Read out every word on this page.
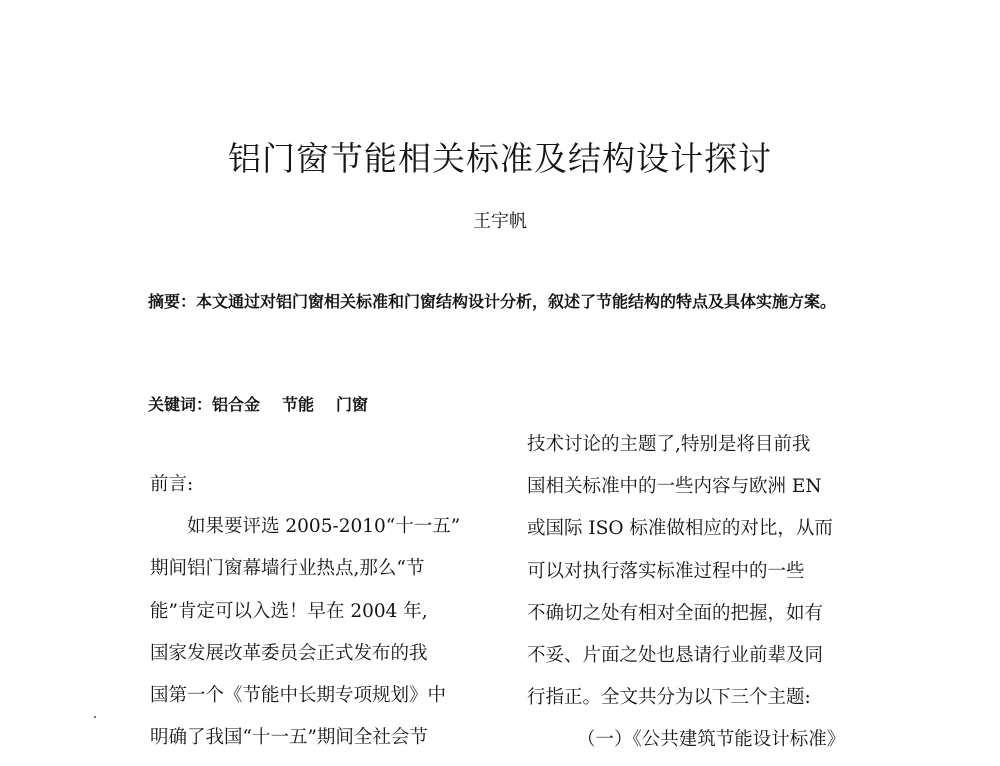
铝门窗节能相关标准及结构设计探讨
王宇帆
摘要：本文通过对铝门窗相关标准和门窗结构设计分析，叙述了节能结构的特点及具体实施方案。
关键词：铝合金 节能 门窗
前言:
如果要评选 2005-2010“十一五”
期间铝门窗幕墙行业热点,那么“节
能”肯定可以入选！早在 2004 年,
国家发展改革委员会正式发布的我
国第一个《节能中长期专项规划》中
明确了我国“十一五”期间全社会节
技术讨论的主题了,特别是将目前我
国相关标准中的一些内容与欧洲 EN
或国际 ISO 标准做相应的对比，从而
可以对执行落实标准过程中的一些
不确切之处有相对全面的把握，如有
不妥、片面之处也恳请行业前辈及同
行指正。全文共分为以下三个主题:
（一）《公共建筑节能设计标准》
